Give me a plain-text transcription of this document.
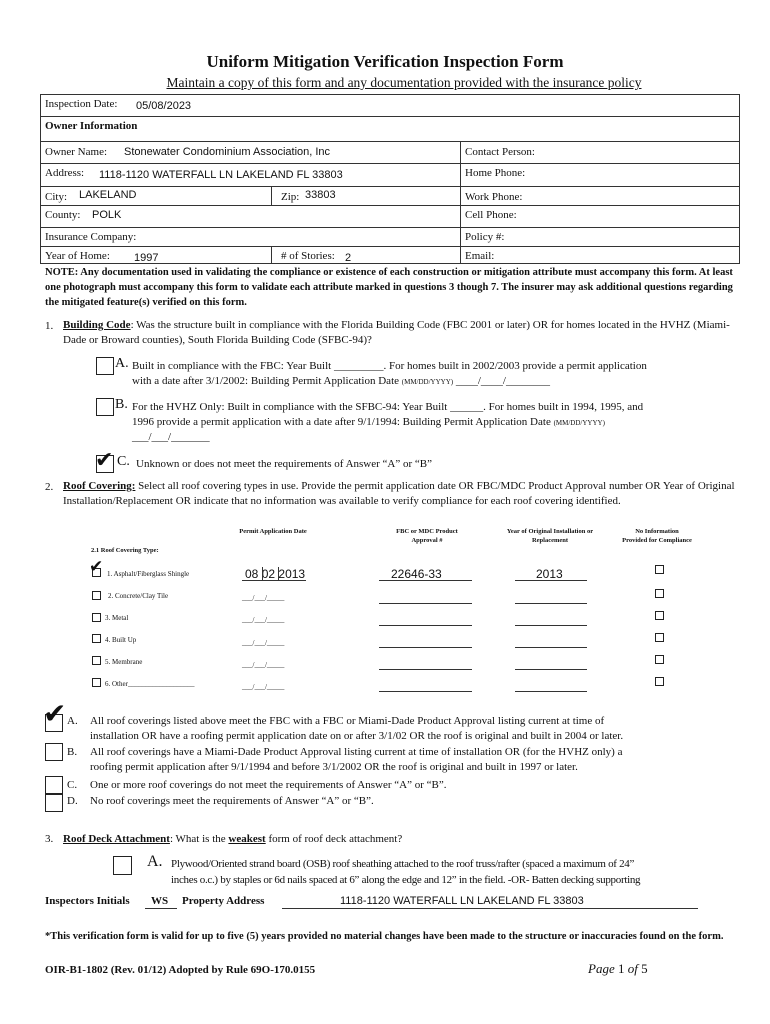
Uniform Mitigation Verification Inspection Form
Maintain a copy of this form and any documentation provided with the insurance policy
Inspection Date: 05/08/2023
Owner Information
Owner Name: Stonewater Condominium Association, Inc	Contact Person:
Address: 1118-1120 WATERFALL LN LAKELAND FL 33803	Home Phone:
City: LAKELAND	Zip: 33803	Work Phone:
County: POLK	Cell Phone:
Insurance Company:	Policy #:
Year of Home: 1997	# of Stories: 2	Email:
NOTE: Any documentation used in validating the compliance or existence of each construction or mitigation attribute must accompany this form. At least one photograph must accompany this form to validate each attribute marked in questions 3 though 7. The insurer may ask additional questions regarding the mitigated feature(s) verified on this form.
1. Building Code: Was the structure built in compliance with the Florida Building Code (FBC 2001 or later) OR for homes located in the HVHZ (Miami-Dade or Broward counties), South Florida Building Code (SFBC-94)?
A. Built in compliance with the FBC: Year Built _________. For homes built in 2002/2003 provide a permit application
with a date after 3/1/2002: Building Permit Application Date (MM/DD/YYYY) ____/____/________
B. For the HVHZ Only: Built in compliance with the SFBC-94: Year Built ______. For homes built in 1994, 1995, and
1996 provide a permit application with a date after 9/1/1994: Building Permit Application Date (MM/DD/YYYY)
___/___/_______
✔ C. Unknown or does not meet the requirements of Answer “A” or “B”
2. Roof Covering: Select all roof covering types in use. Provide the permit application date OR FBC/MDC Product Approval number OR Year of Original Installation/Replacement OR indicate that no information was available to verify compliance for each roof covering identified.
Permit Application Date	FBC or MDC Product Approval #
Year of Original Installation or Replacement
No Information Provided for Compliance
2.1 Roof Covering Type:
✔ 1. Asphalt/Fiberglass Shingle	08 02 2013	22646-33	2013
2. Concrete/Clay Tile	___/___/_____
3. Metal	___/___/_____
4. Built Up	___/___/_____
5. Membrane	___/___/_____
6. Other___________________	___/___/_____
✔ A. All roof coverings listed above meet the FBC with a FBC or Miami-Dade Product Approval listing current at time of
installation OR have a roofing permit application date on or after 3/1/02 OR the roof is original and built in 2004 or later.
B. All roof coverings have a Miami-Dade Product Approval listing current at time of installation OR (for the HVHZ only) a
roofing permit application after 9/1/1994 and before 3/1/2002 OR the roof is original and built in 1997 or later.
C. One or more roof coverings do not meet the requirements of Answer “A” or “B”.
D. No roof coverings meet the requirements of Answer “A” or “B”.
3. Roof Deck Attachment: What is the weakest form of roof deck attachment?
A. Plywood/Oriented strand board (OSB) roof sheathing attached to the roof truss/rafter (spaced a maximum of 24”
inches o.c.) by staples or 6d nails spaced at 6” along the edge and 12” in the field. -OR- Batten decking supporting
Inspectors Initials WS Property Address	1118-1120 WATERFALL LN LAKELAND FL 33803
*This verification form is valid for up to five (5) years provided no material changes have been made to the structure or inaccuracies found on the form.
OIR-B1-1802 (Rev. 01/12) Adopted by Rule 69O-170.0155	Page 1 of 5
